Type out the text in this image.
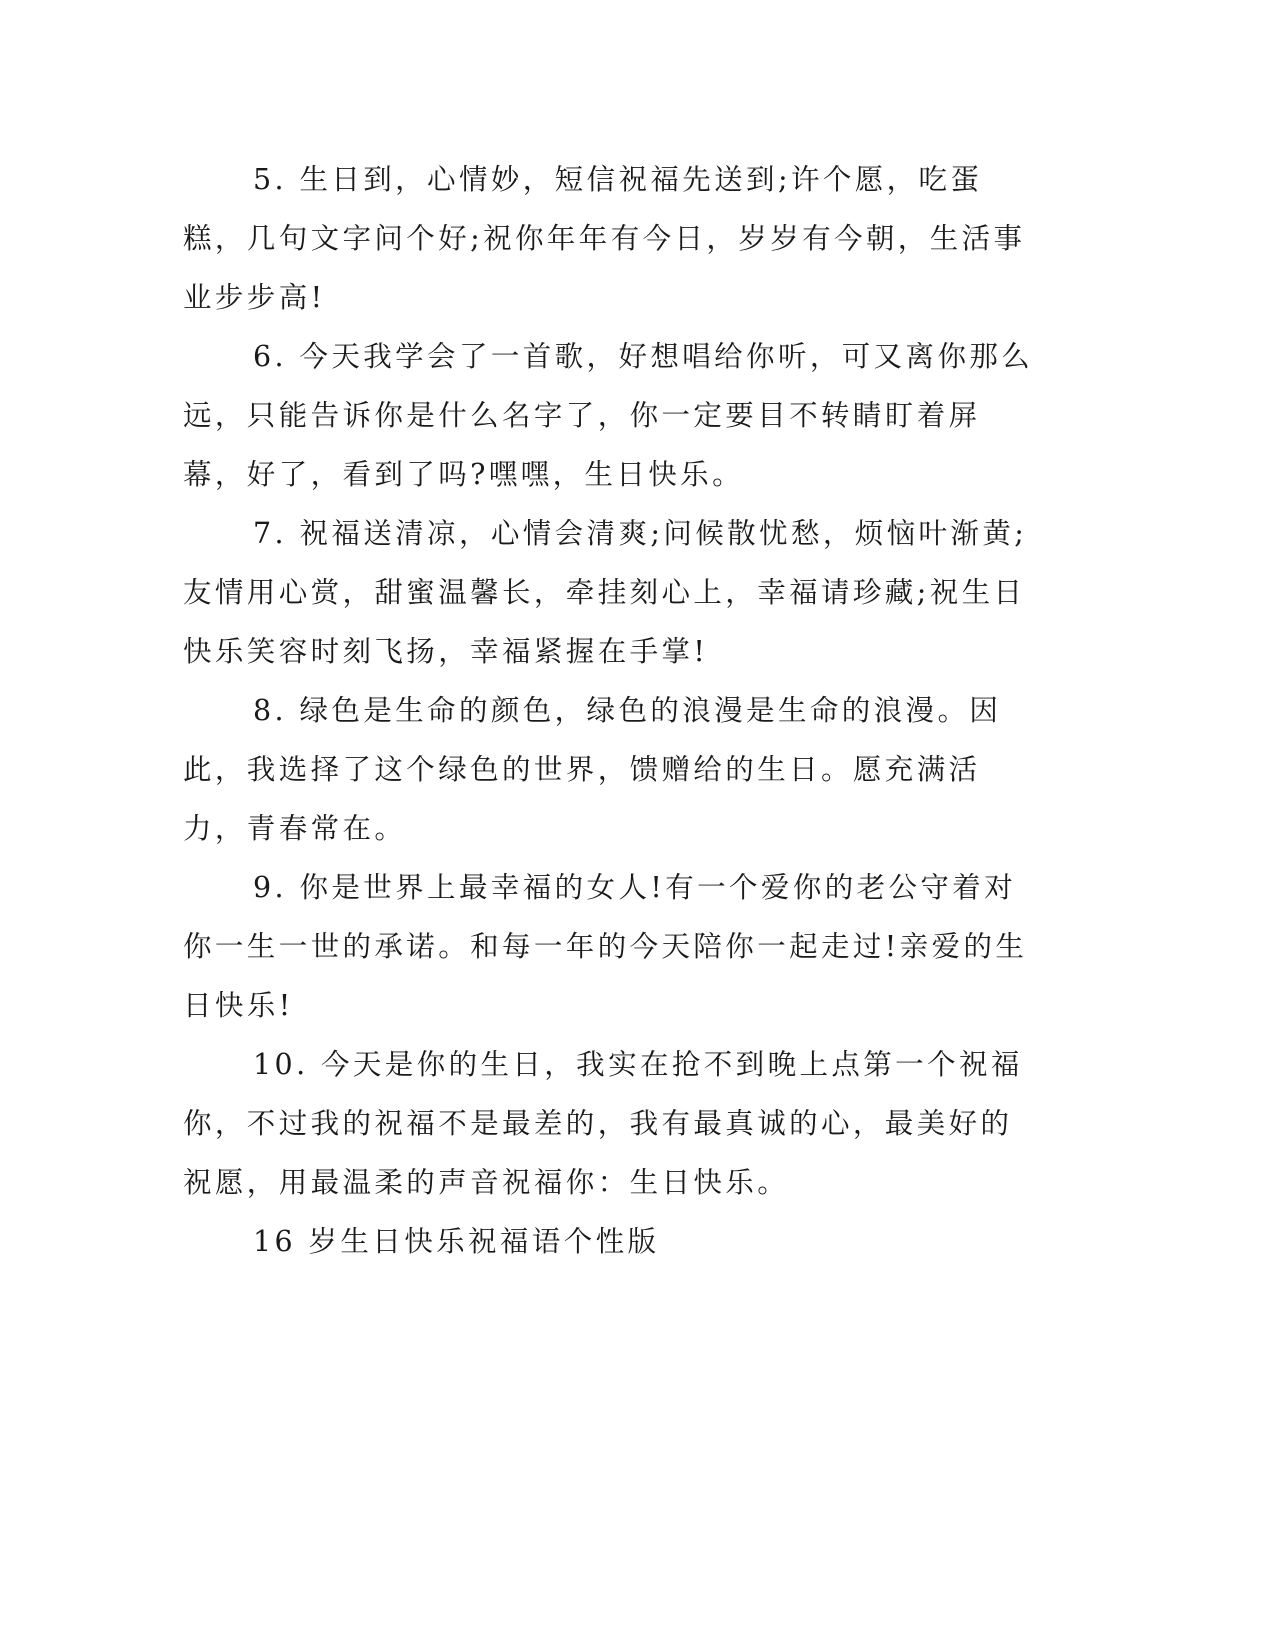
5. 生日到，心情妙，短信祝福先送到;许个愿，吃蛋糕，几句文字问个好;祝你年年有今日，岁岁有今朝，生活事业步步高!

6. 今天我学会了一首歌，好想唱给你听，可又离你那么远，只能告诉你是什么名字了，你一定要目不转睛盯着屏幕，好了，看到了吗?嘿嘿，生日快乐。

7. 祝福送清凉，心情会清爽;问候散忧愁，烦恼叶渐黄;友情用心赏，甜蜜温馨长，牵挂刻心上，幸福请珍藏;祝生日快乐笑容时刻飞扬，幸福紧握在手掌!

8. 绿色是生命的颜色，绿色的浪漫是生命的浪漫。因此，我选择了这个绿色的世界，馈赠给的生日。愿充满活力，青春常在。

9. 你是世界上最幸福的女人!有一个爱你的老公守着对你一生一世的承诺。和每一年的今天陪你一起走过!亲爱的生日快乐!

10. 今天是你的生日，我实在抢不到晚上点第一个祝福你，不过我的祝福不是最差的，我有最真诚的心，最美好的祝愿，用最温柔的声音祝福你：生日快乐。

16 岁生日快乐祝福语个性版
